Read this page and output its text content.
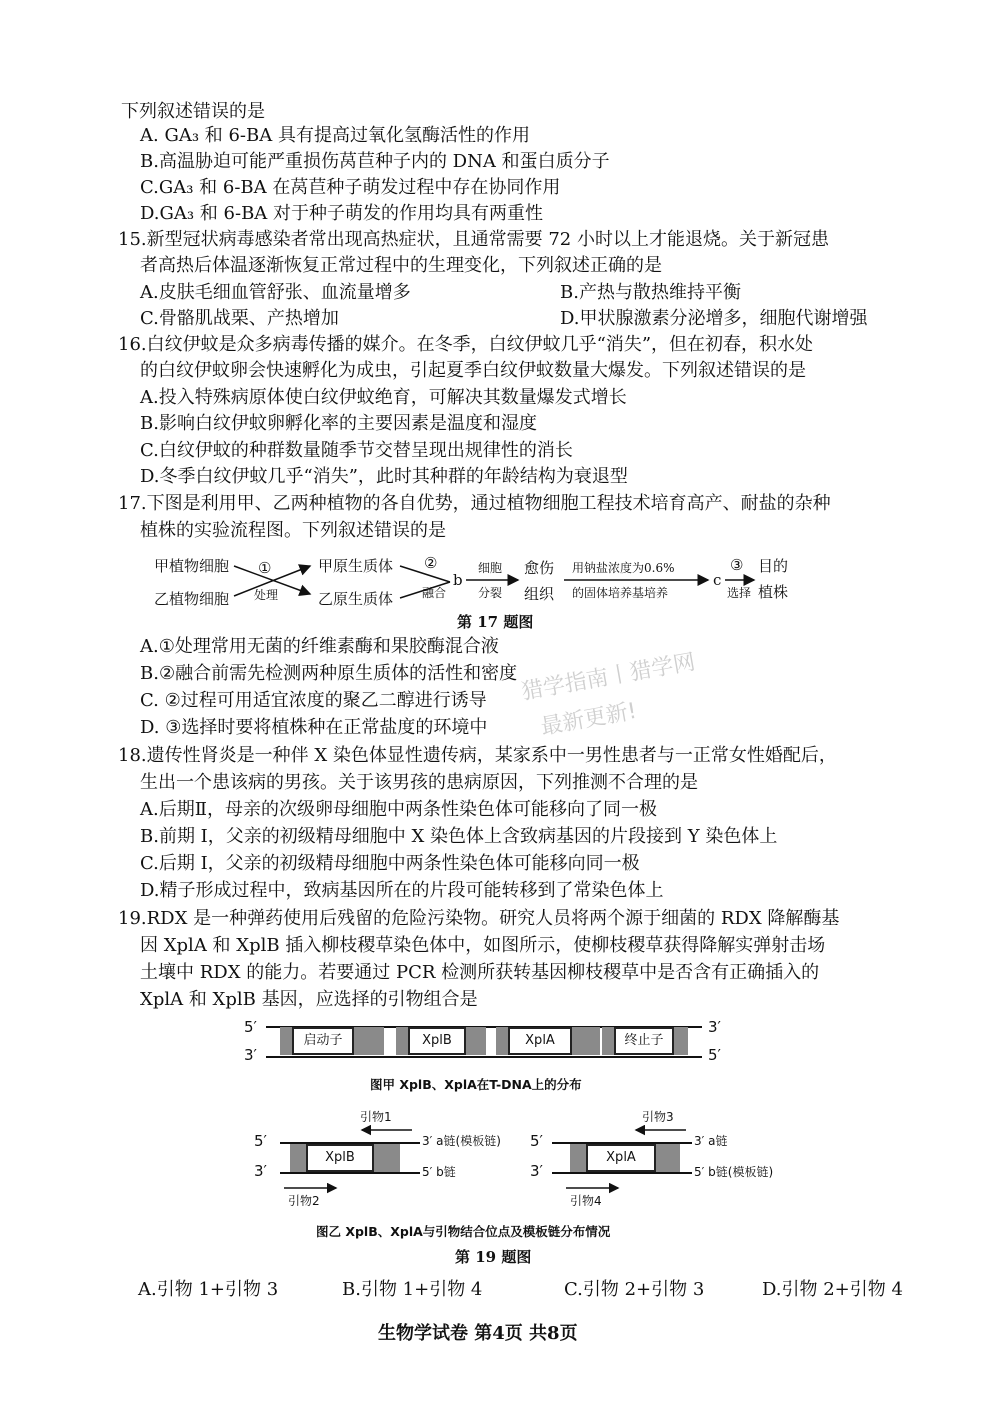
下列叙述错误的是
A. GA₃ 和 6-BA 具有提高过氧化氢酶活性的作用
B.高温胁迫可能严重损伤莴苣种子内的 DNA 和蛋白质分子
C.GA₃ 和 6-BA 在莴苣种子萌发过程中存在协同作用
D.GA₃ 和 6-BA 对于种子萌发的作用均具有两重性
15.新型冠状病毒感染者常出现高热症状，且通常需要 72 小时以上才能退烧。关于新冠患
者高热后体温逐渐恢复正常过程中的生理变化，下列叙述正确的是
A.皮肤毛细血管舒张、血流量增多	B.产热与散热维持平衡
C.骨骼肌战栗、产热增加	D.甲状腺激素分泌增多，细胞代谢增强
16.白纹伊蚊是众多病毒传播的媒介。在冬季，白纹伊蚊几乎“消失”，但在初春，积水处
的白纹伊蚊卵会快速孵化为成虫，引起夏季白纹伊蚊数量大爆发。下列叙述错误的是
A.投入特殊病原体使白纹伊蚊绝育，可解决其数量爆发式增长
B.影响白纹伊蚊卵孵化率的主要因素是温度和湿度
C.白纹伊蚊的种群数量随季节交替呈现出规律性的消长
D.冬季白纹伊蚊几乎“消失”，此时其种群的年龄结构为衰退型
17.下图是利用甲、乙两种植物的各自优势，通过植物细胞工程技术培育高产、耐盐的杂种
植株的实验流程图。下列叙述错误的是
甲植物细胞
乙植物细胞
①
处理
甲原生质体
乙原生质体
②
融合
b
细胞
分裂
愈伤
组织
用钠盐浓度为0.6%
的固体培养基培养
c
③
选择
目的
植株
第 17 题图
A.①处理常用无菌的纤维素酶和果胶酶混合液
B.②融合前需先检测两种原生质体的活性和密度
C. ②过程可用适宜浓度的聚乙二醇进行诱导
D. ③选择时要将植株种在正常盐度的环境中
猎学指南丨猎学网
最新更新!
18.遗传性肾炎是一种伴 X 染色体显性遗传病，某家系中一男性患者与一正常女性婚配后，
生出一个患该病的男孩。关于该男孩的患病原因，下列推测不合理的是
A.后期Ⅱ，母亲的次级卵母细胞中两条性染色体可能移向了同一极
B.前期 I，父亲的初级精母细胞中 X 染色体上含致病基因的片段接到 Y 染色体上
C.后期 I，父亲的初级精母细胞中两条性染色体可能移向同一极
D.精子形成过程中，致病基因所在的片段可能转移到了常染色体上
19.RDX 是一种弹药使用后残留的危险污染物。研究人员将两个源于细菌的 RDX 降解酶基
因 XplA 和 XplB 插入柳枝稷草染色体中，如图所示，使柳枝稷草获得降解实弹射击场
土壤中 RDX 的能力。若要通过 PCR 检测所获转基因柳枝稷草中是否含有正确插入的
XplA 和 XplB 基因，应选择的引物组合是
5′
3′
3′
5′
启动子	XplB	XplA	终止子
图甲 XplB、XplA在T-DNA上的分布
引物1
5′
3′
3′ a链(模板链)
5′ b链
XplB
引物2
引物3
5′
3′
3′ a链
5′ b链(模板链)
XplA
引物4
图乙 XplB、XplA与引物结合位点及模板链分布情况
第 19 题图
A.引物 1+引物 3	B.引物 1+引物 4	C.引物 2+引物 3	D.引物 2+引物 4
生物学试卷 第4页 共8页
